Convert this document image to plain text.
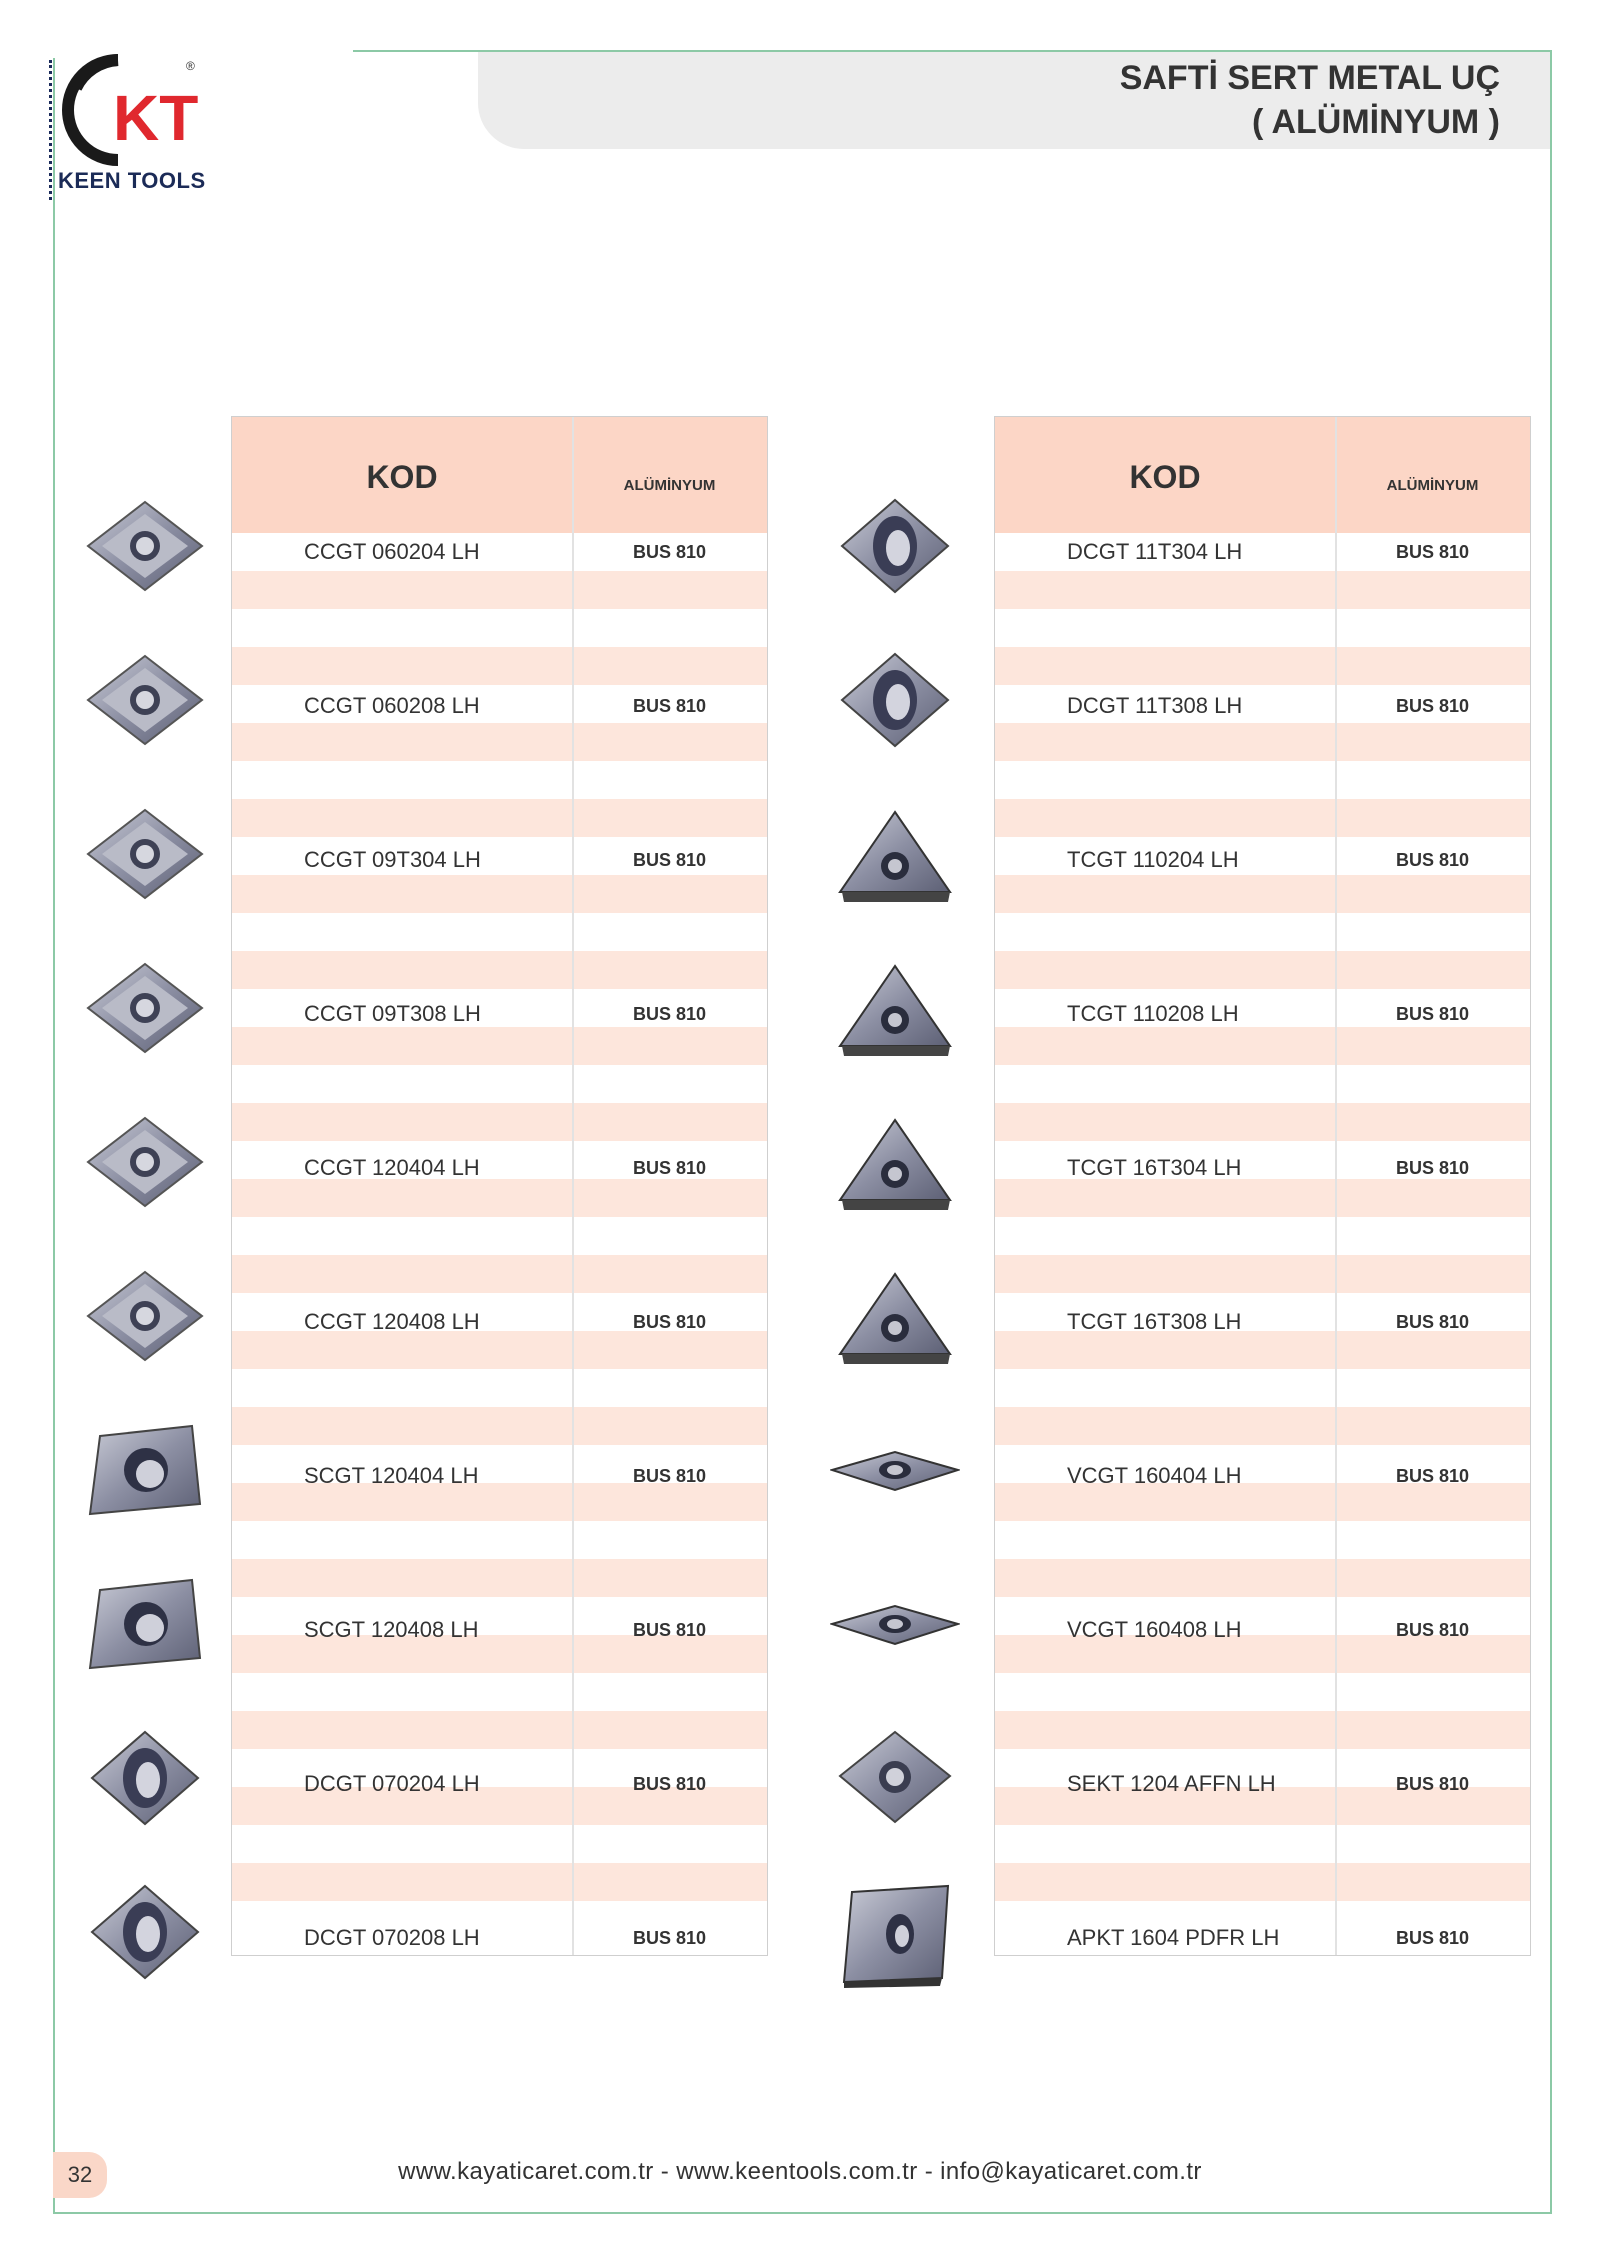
SAFTİ SERT METAL UÇ
( ALÜMİNYUM )
KT
®
KEEN TOOLS
KOD	ALÜMİNYUM
CCGT 060204 LH	BUS 810
CCGT 060208 LH	BUS 810
CCGT 09T304 LH	BUS 810
CCGT 09T308 LH	BUS 810
CCGT 120404 LH	BUS 810
CCGT 120408 LH	BUS 810
SCGT 120404 LH	BUS 810
SCGT 120408 LH	BUS 810
DCGT 070204 LH	BUS 810
DCGT 070208 LH	BUS 810
KOD	ALÜMİNYUM
DCGT 11T304 LH	BUS 810
DCGT 11T308 LH	BUS 810
TCGT 110204 LH	BUS 810
TCGT 110208 LH	BUS 810
TCGT 16T304 LH	BUS 810
TCGT 16T308 LH	BUS 810
VCGT 160404 LH	BUS 810
VCGT 160408 LH	BUS 810
SEKT 1204 AFFN LH	BUS 810
APKT 1604 PDFR LH	BUS 810
32	www.kayaticaret.com.tr - www.keentools.com.tr - info@kayaticaret.com.tr
